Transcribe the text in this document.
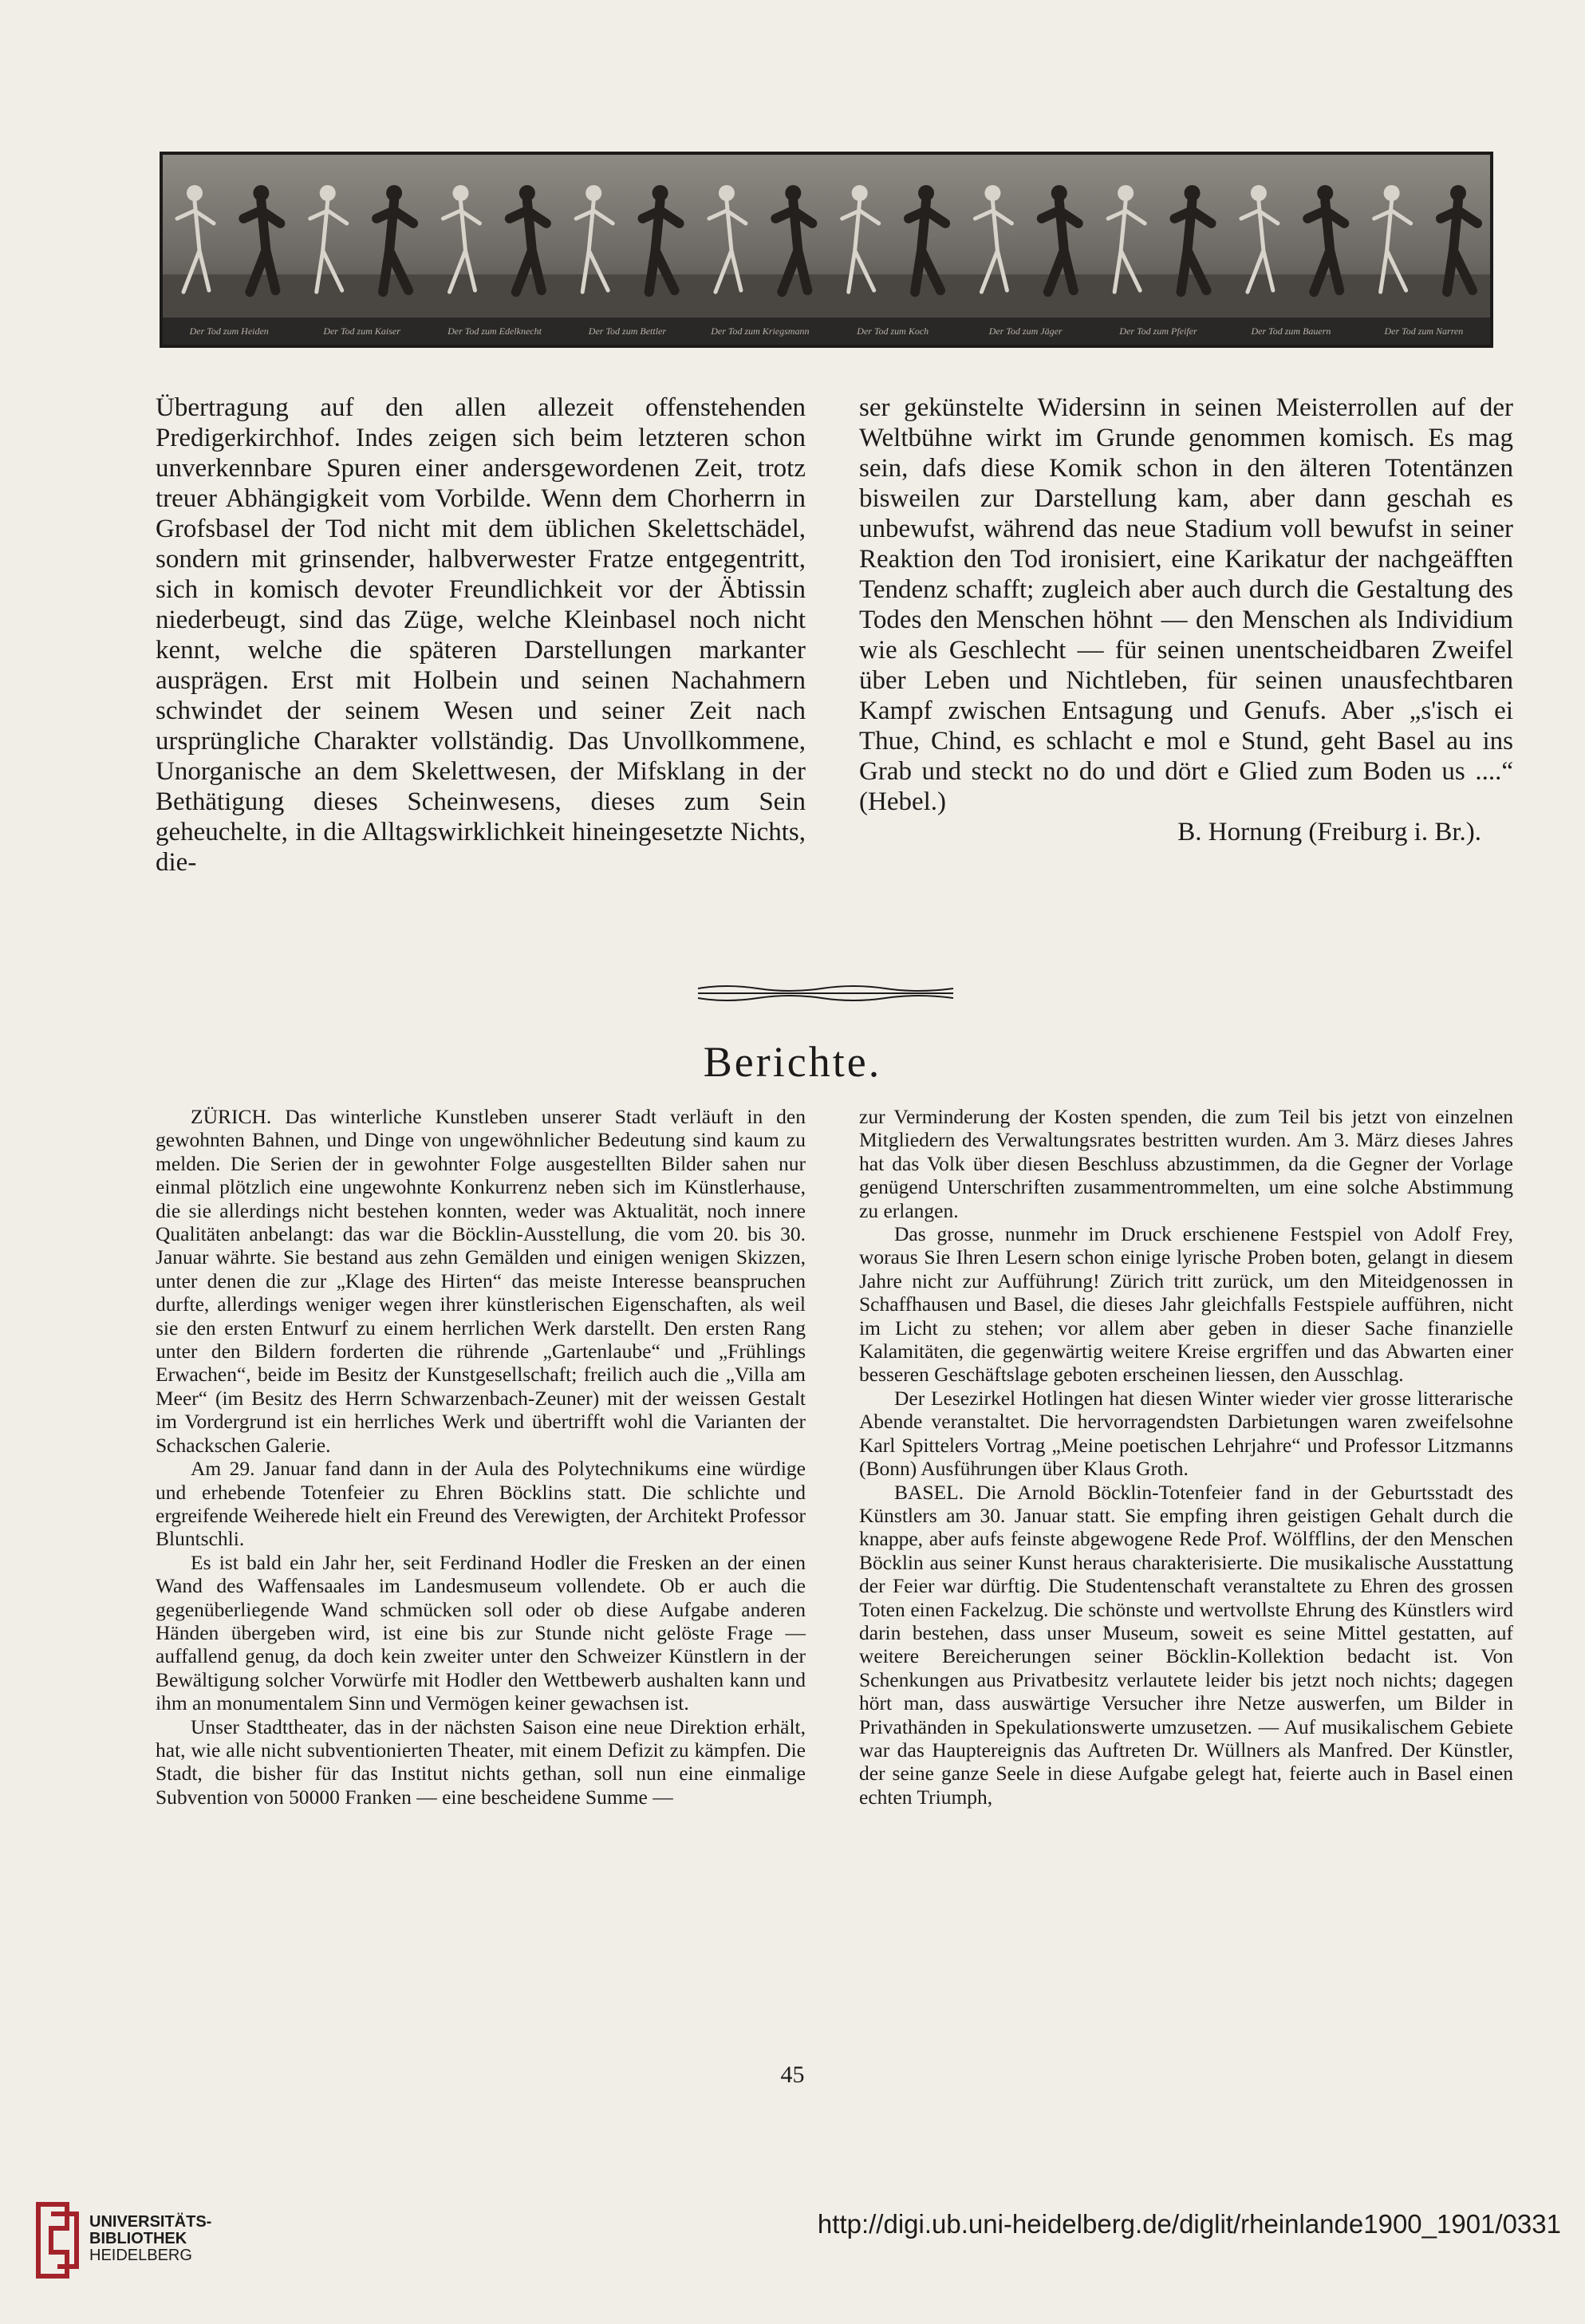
Der Tod zum Heiden	Der Tod zum Kaiser	Der Tod zum Edelknecht	Der Tod zum Bettler	Der Tod zum Kriegsmann	Der Tod zum Koch	Der Tod zum Jäger	Der Tod zum Pfeifer	Der Tod zum Bauern	Der Tod zum Narren

Übertragung auf den allen allezeit offenstehenden Predigerkirchhof. Indes zeigen sich beim letzteren schon unverkennbare Spuren einer andersgewordenen Zeit, trotz treuer Abhängigkeit vom Vorbilde. Wenn dem Chorherrn in Grofsbasel der Tod nicht mit dem üblichen Skelettschädel, sondern mit grinsender, halbverwester Fratze entgegentritt, sich in komisch devoter Freundlichkeit vor der Äbtissin niederbeugt, sind das Züge, welche Kleinbasel noch nicht kennt, welche die späteren Darstellungen markanter ausprägen. Erst mit Holbein und seinen Nachahmern schwindet der seinem Wesen und seiner Zeit nach ursprüngliche Charakter vollständig. Das Unvollkommene, Unorganische an dem Skelettwesen, der Mifsklang in der Bethätigung dieses Scheinwesens, dieses zum Sein geheuchelte, in die Alltagswirklichkeit hineingesetzte Nichts, die-

ser gekünstelte Widersinn in seinen Meisterrollen auf der Weltbühne wirkt im Grunde genommen komisch. Es mag sein, dafs diese Komik schon in den älteren Totentänzen bisweilen zur Darstellung kam, aber dann geschah es unbewufst, während das neue Stadium voll bewufst in seiner Reaktion den Tod ironisiert, eine Karikatur der nachgeäfften Tendenz schafft; zugleich aber auch durch die Gestaltung des Todes den Menschen höhnt — den Menschen als Individium wie als Geschlecht — für seinen unentscheidbaren Zweifel über Leben und Nichtleben, für seinen unausfechtbaren Kampf zwischen Entsagung und Genufs. Aber „s'isch ei Thue, Chind, es schlacht e mol e Stund, geht Basel au ins Grab und steckt no do und dört e Glied zum Boden us ....“ (Hebel.)

B. Hornung (Freiburg i. Br.).

Berichte.

ZÜRICH. Das winterliche Kunstleben unserer Stadt verläuft in den gewohnten Bahnen, und Dinge von ungewöhnlicher Bedeutung sind kaum zu melden. Die Serien der in gewohnter Folge ausgestellten Bilder sahen nur einmal plötzlich eine ungewohnte Konkurrenz neben sich im Künstlerhause, die sie allerdings nicht bestehen konnten, weder was Aktualität, noch innere Qualitäten anbelangt: das war die Böcklin-Ausstellung, die vom 20. bis 30. Januar währte. Sie bestand aus zehn Gemälden und einigen wenigen Skizzen, unter denen die zur „Klage des Hirten“ das meiste Interesse beanspruchen durfte, allerdings weniger wegen ihrer künstlerischen Eigenschaften, als weil sie den ersten Entwurf zu einem herrlichen Werk darstellt. Den ersten Rang unter den Bildern forderten die rührende „Gartenlaube“ und „Frühlings Erwachen“, beide im Besitz der Kunstgesellschaft; freilich auch die „Villa am Meer“ (im Besitz des Herrn Schwarzenbach-Zeuner) mit der weissen Gestalt im Vordergrund ist ein herrliches Werk und übertrifft wohl die Varianten der Schackschen Galerie.

Am 29. Januar fand dann in der Aula des Polytechnikums eine würdige und erhebende Totenfeier zu Ehren Böcklins statt. Die schlichte und ergreifende Weiherede hielt ein Freund des Verewigten, der Architekt Professor Bluntschli.

Es ist bald ein Jahr her, seit Ferdinand Hodler die Fresken an der einen Wand des Waffensaales im Landesmuseum vollendete. Ob er auch die gegenüberliegende Wand schmücken soll oder ob diese Aufgabe anderen Händen übergeben wird, ist eine bis zur Stunde nicht gelöste Frage — auffallend genug, da doch kein zweiter unter den Schweizer Künstlern in der Bewältigung solcher Vorwürfe mit Hodler den Wettbewerb aushalten kann und ihm an monumentalem Sinn und Vermögen keiner gewachsen ist.

Unser Stadttheater, das in der nächsten Saison eine neue Direktion erhält, hat, wie alle nicht subventionierten Theater, mit einem Defizit zu kämpfen. Die Stadt, die bisher für das Institut nichts gethan, soll nun eine einmalige Subvention von 50000 Franken — eine bescheidene Summe —

zur Verminderung der Kosten spenden, die zum Teil bis jetzt von einzelnen Mitgliedern des Verwaltungsrates bestritten wurden. Am 3. März dieses Jahres hat das Volk über diesen Beschluss abzustimmen, da die Gegner der Vorlage genügend Unterschriften zusammentrommelten, um eine solche Abstimmung zu erlangen.

Das grosse, nunmehr im Druck erschienene Festspiel von Adolf Frey, woraus Sie Ihren Lesern schon einige lyrische Proben boten, gelangt in diesem Jahre nicht zur Aufführung! Zürich tritt zurück, um den Miteidgenossen in Schaffhausen und Basel, die dieses Jahr gleichfalls Festspiele aufführen, nicht im Licht zu stehen; vor allem aber geben in dieser Sache finanzielle Kalamitäten, die gegenwärtig weitere Kreise ergriffen und das Abwarten einer besseren Geschäftslage geboten erscheinen liessen, den Ausschlag.

Der Lesezirkel Hotlingen hat diesen Winter wieder vier grosse litterarische Abende veranstaltet. Die hervorragendsten Darbietungen waren zweifelsohne Karl Spittelers Vortrag „Meine poetischen Lehrjahre“ und Professor Litzmanns (Bonn) Ausführungen über Klaus Groth.

BASEL. Die Arnold Böcklin-Totenfeier fand in der Geburtsstadt des Künstlers am 30. Januar statt. Sie empfing ihren geistigen Gehalt durch die knappe, aber aufs feinste abgewogene Rede Prof. Wölfflins, der den Menschen Böcklin aus seiner Kunst heraus charakterisierte. Die musikalische Ausstattung der Feier war dürftig. Die Studentenschaft veranstaltete zu Ehren des grossen Toten einen Fackelzug. Die schönste und wertvollste Ehrung des Künstlers wird darin bestehen, dass unser Museum, soweit es seine Mittel gestatten, auf weitere Bereicherungen seiner Böcklin-Kollektion bedacht ist. Von Schenkungen aus Privatbesitz verlautete leider bis jetzt noch nichts; dagegen hört man, dass auswärtige Versucher ihre Netze auswerfen, um Bilder in Privathänden in Spekulationswerte umzusetzen. — Auf musikalischem Gebiete war das Hauptereignis das Auftreten Dr. Wüllners als Manfred. Der Künstler, der seine ganze Seele in diese Aufgabe gelegt hat, feierte auch in Basel einen echten Triumph,

45
UNIVERSITÄTS-
BIBLIOTHEK
HEIDELBERG
http://digi.ub.uni-heidelberg.de/diglit/rheinlande1900_1901/0331
